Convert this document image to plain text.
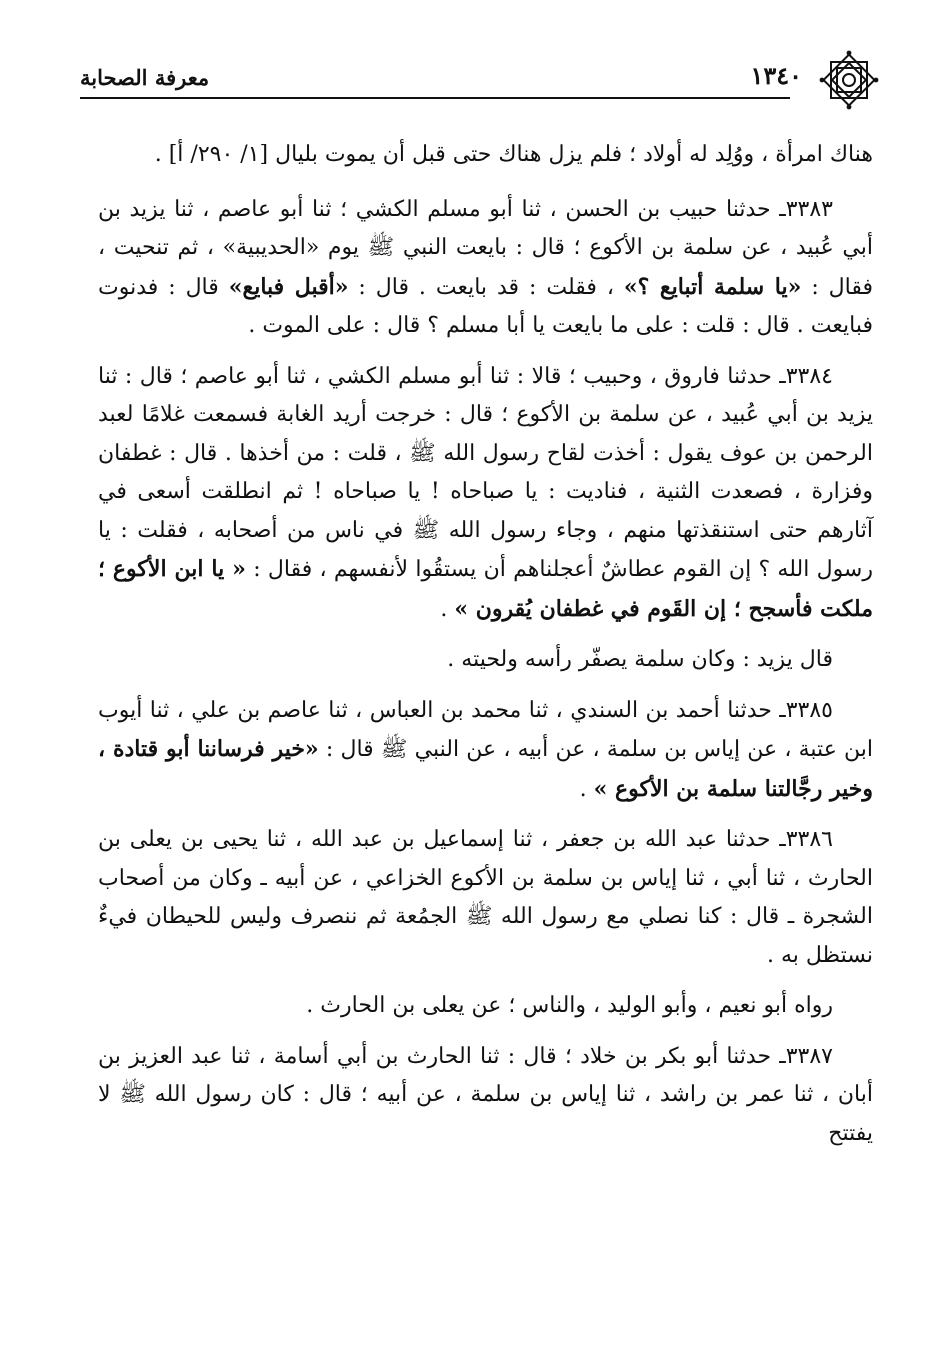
معرفة الصحابة	١٣٤٠

هناك امرأة ، ووُلِد له أولاد ؛ فلم يزل هناك حتى قبل أن يموت بليال [١/ ٢٩٠/ أ] .

٣٣٨٣ـ حدثنا حبيب بن الحسن ، ثنا أبو مسلم الكشي ؛ ثنا أبو عاصم ، ثنا يزيد بن أبي عُبيد ، عن سلمة بن الأكوع ؛ قال : بايعت النبي ﷺ يوم «الحديبية» ، ثم تنحيت ، فقال : «يا سلمة أتبايع ؟» ، فقلت : قد بايعت . قال : «أقبل فبايع» قال : فدنوت فبايعت . قال : قلت : على ما بايعت يا أبا مسلم ؟ قال : على الموت .

٣٣٨٤ـ حدثنا فاروق ، وحبيب ؛ قالا : ثنا أبو مسلم الكشي ، ثنا أبو عاصم ؛ قال : ثنا يزيد بن أبي عُبيد ، عن سلمة بن الأكوع ؛ قال : خرجت أريد الغابة فسمعت غلامًا لعبد الرحمن بن عوف يقول : أخذت لقاح رسول الله ﷺ ، قلت : من أخذها . قال : غطفان وفزارة ، فصعدت الثنية ، فناديت : يا صباحاه ! يا صباحاه ! ثم انطلقت أسعى في آثارهم حتى استنقذتها منهم ، وجاء رسول الله ﷺ في ناس من أصحابه ، فقلت : يا رسول الله ؟ إن القوم عطاشٌ أعجلناهم أن يستقُوا لأنفسهم ، فقال : « يا ابن الأكوع ؛ ملكت فأسجح ؛ إن القَوم في غطفان يُقرون » .

قال يزيد : وكان سلمة يصفّر رأسه ولحيته .

٣٣٨٥ـ حدثنا أحمد بن السندي ، ثنا محمد بن العباس ، ثنا عاصم بن علي ، ثنا أيوب ابن عتبة ، عن إياس بن سلمة ، عن أبيه ، عن النبي ﷺ قال : «خير فرساننا أبو قتادة ، وخير رجَّالتنا سلمة بن الأكوع » .

٣٣٨٦ـ حدثنا عبد الله بن جعفر ، ثنا إسماعيل بن عبد الله ، ثنا يحيى بن يعلى بن الحارث ، ثنا أبي ، ثنا إياس بن سلمة بن الأكوع الخزاعي ، عن أبيه ـ وكان من أصحاب الشجرة ـ قال : كنا نصلي مع رسول الله ﷺ الجمُعة ثم ننصرف وليس للحيطان فيءٌ نستظل به .

رواه أبو نعيم ، وأبو الوليد ، والناس ؛ عن يعلى بن الحارث .

٣٣٨٧ـ حدثنا أبو بكر بن خلاد ؛ قال : ثنا الحارث بن أبي أسامة ، ثنا عبد العزيز بن أبان ، ثنا عمر بن راشد ، ثنا إياس بن سلمة ، عن أبيه ؛ قال : كان رسول الله ﷺ لا يفتتح
